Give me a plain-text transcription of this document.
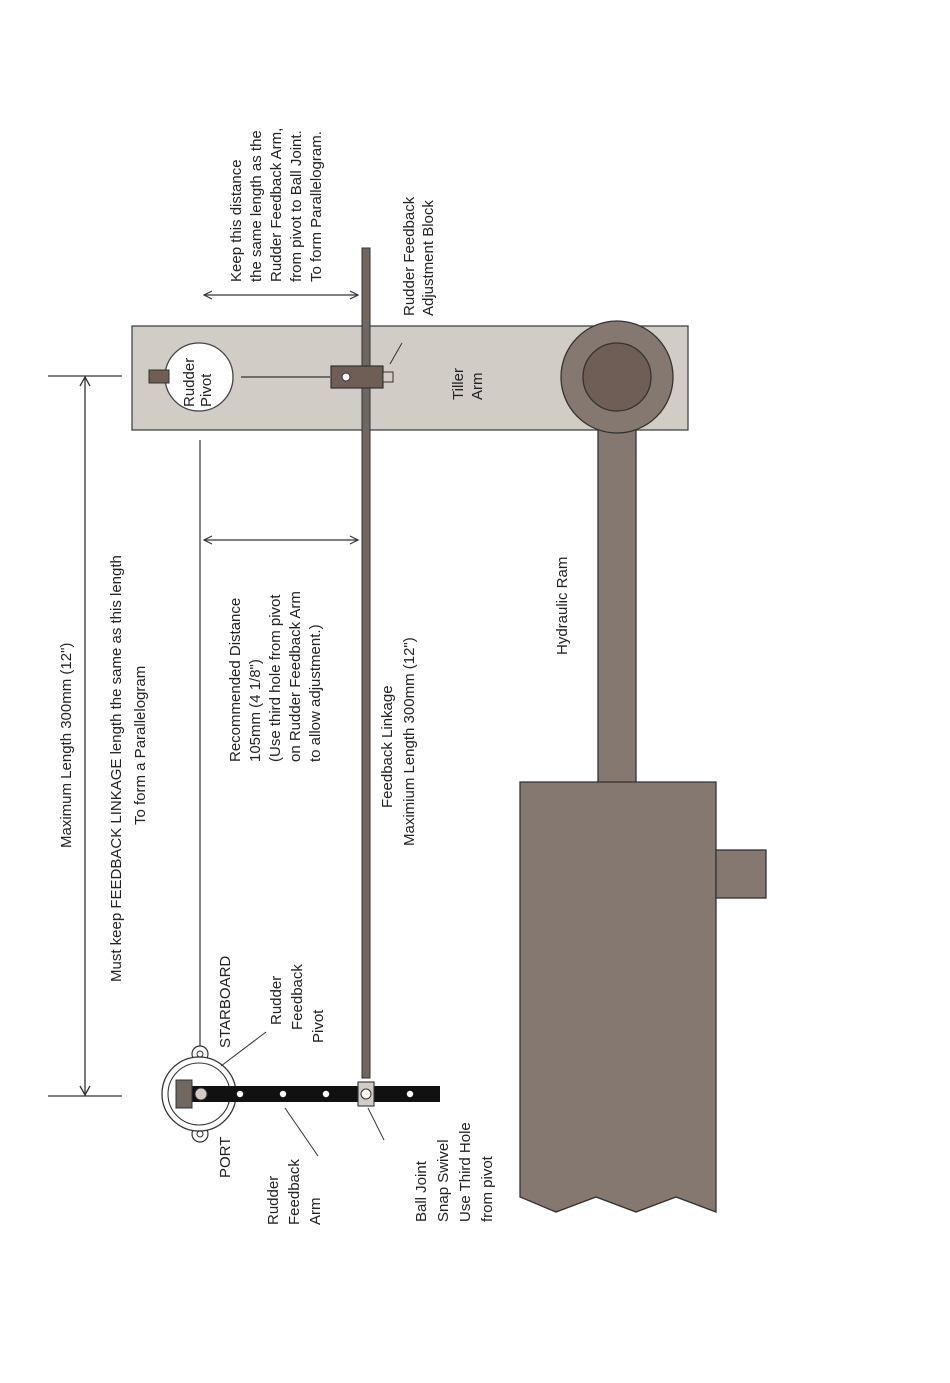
Maximum Length 300mm (12") Must keep FEEDBACK LINKAGE length the same as this length To form a Parallelogram
Rudder Pivot	Tiller Arm
Rudder Feedback Adjustment Block
Keep this distance the same length as the Rudder Feedback Arm, from pivot to Ball Joint. To form Parallelogram.
Recommended Distance 105mm (4 1/8") (Use third hole from pivot on Rudder Feedback Arm to allow adjustment.)	Feedback Linkage Maximium Length 300mm (12")
Hydraulic Ram
STARBOARD
PORT
Rudder Feedback Pivot
Rudder Feedback Arm	Ball Joint Snap Swivel Use Third Hole from pivot
